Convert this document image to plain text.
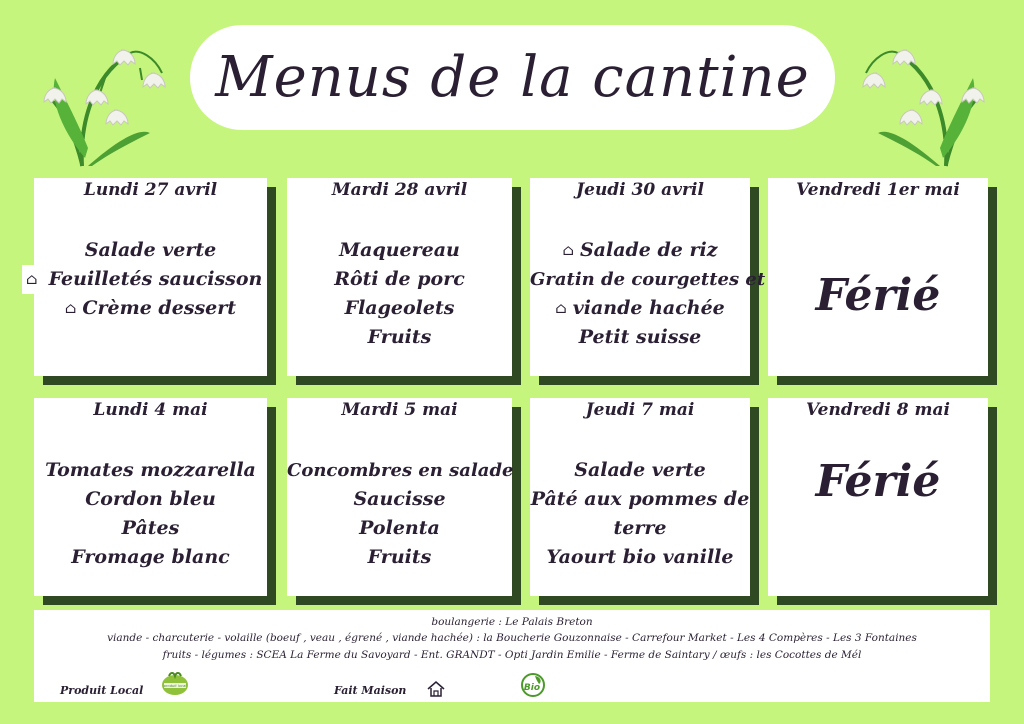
Menus de la cantine
Lundi 27 avril
Salade verte
⌂ Feuilletés saucisson
⌂ Crème dessert
Mardi 28 avril
Maquereau
Rôti de porc
Flageolets
Fruits
Jeudi 30 avril
⌂ Salade de riz
Gratin de courgettes et
⌂ viande hachée
Petit suisse
Vendredi 1er mai
Férié
Lundi 4 mai
Tomates mozzarella
Cordon bleu
Pâtes
Fromage blanc
Mardi 5 mai
Concombres en salade
Saucisse
Polenta
Fruits
Jeudi 7 mai
Salade verte
Pâté aux pommes de
terre
Yaourt bio vanille
Vendredi 8 mai
Férié
boulangerie : Le Palais Breton
viande - charcuterie - volaille (boeuf , veau , égrené , viande hachée) : la Boucherie Gouzonnaise - Carrefour Market - Les 4 Compères - Les 3 Fontaines
fruits - légumes : SCEA La Ferme du Savoyard - Ent. GRANDT - Opti Jardin Emilie - Ferme de Saintary / œufs : les Cocottes de Mél
Produit Local	produit local	Fait Maison	Bio
